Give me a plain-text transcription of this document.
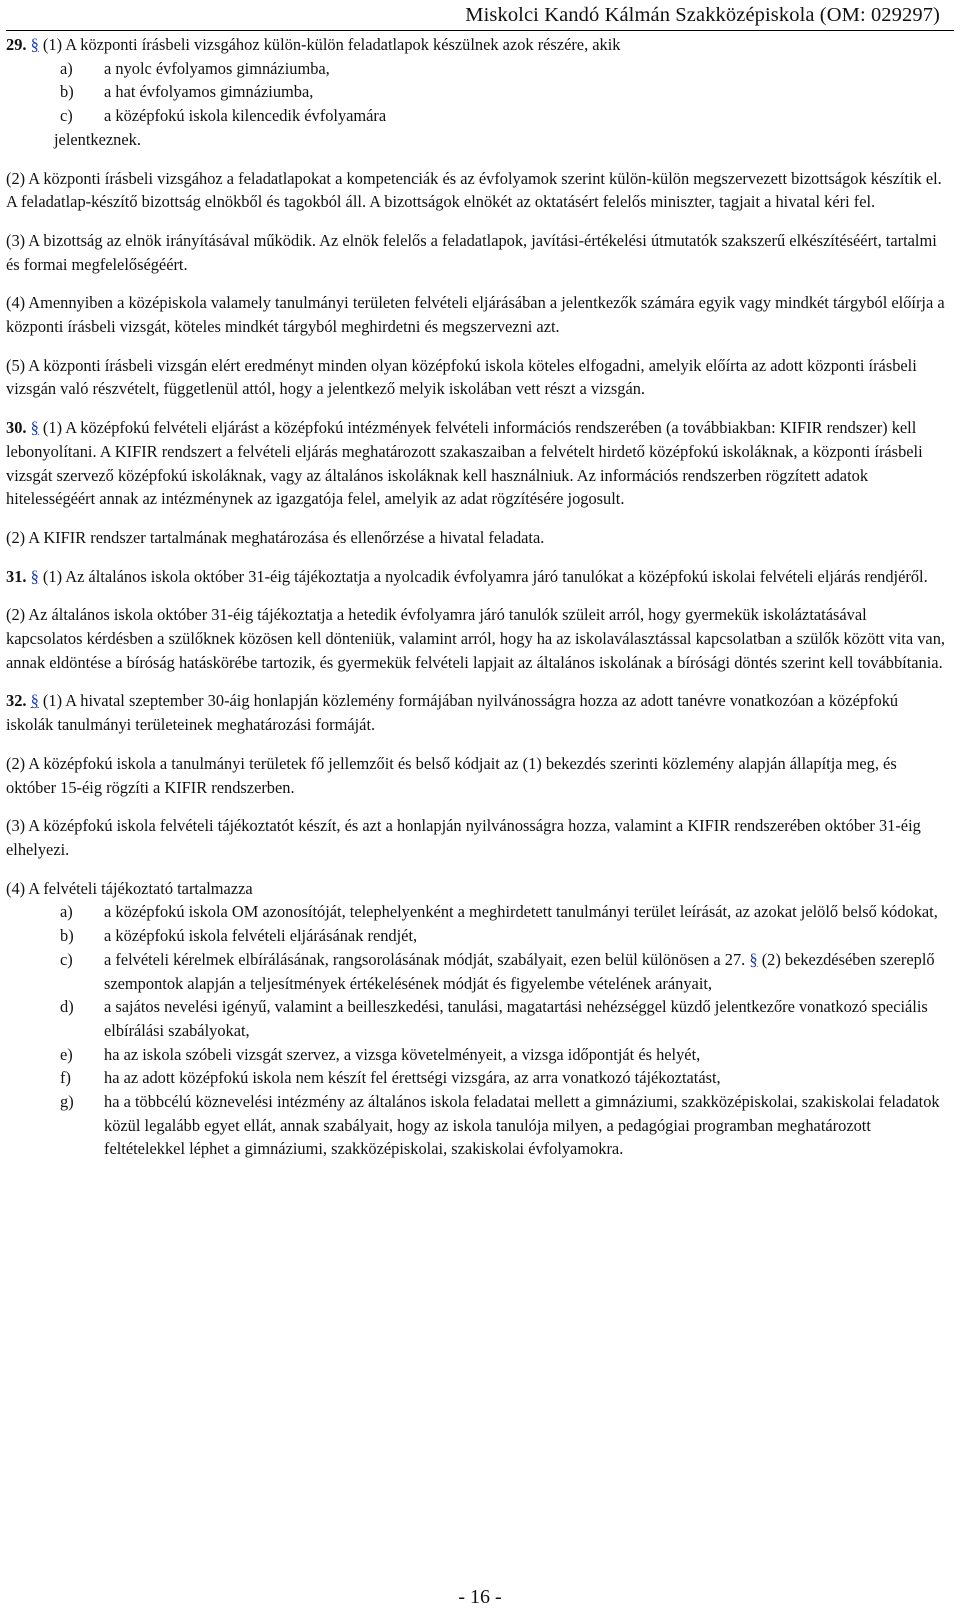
Miskolci Kandó Kálmán Szakközépiskola (OM: 029297)

29. § (1) A központi írásbeli vizsgához külön-külön feladatlapok készülnek azok részére, akik

a) a nyolc évfolyamos gimnáziumba,
b) a hat évfolyamos gimnáziumba,
c) a középfokú iskola kilencedik évfolyamára

jelentkeznek.

(2) A központi írásbeli vizsgához a feladatlapokat a kompetenciák és az évfolyamok szerint külön-külön megszervezett bizottságok készítik el. A feladatlap-készítő bizottság elnökből és tagokból áll. A bizottságok elnökét az oktatásért felelős miniszter, tagjait a hivatal kéri fel.

(3) A bizottság az elnök irányításával működik. Az elnök felelős a feladatlapok, javítási-értékelési útmutatók szakszerű elkészítéséért, tartalmi és formai megfelelőségéért.

(4) Amennyiben a középiskola valamely tanulmányi területen felvételi eljárásában a jelentkezők számára egyik vagy mindkét tárgyból előírja a központi írásbeli vizsgát, köteles mindkét tárgyból meghirdetni és megszervezni azt.

(5) A központi írásbeli vizsgán elért eredményt minden olyan középfokú iskola köteles elfogadni, amelyik előírta az adott központi írásbeli vizsgán való részvételt, függetlenül attól, hogy a jelentkező melyik iskolában vett részt a vizsgán.

30. § (1) A középfokú felvételi eljárást a középfokú intézmények felvételi információs rendszerében (a továbbiakban: KIFIR rendszer) kell lebonyolítani. A KIFIR rendszert a felvételi eljárás meghatározott szakaszaiban a felvételt hirdető középfokú iskoláknak, a központi írásbeli vizsgát szervező középfokú iskoláknak, vagy az általános iskoláknak kell használniuk. Az információs rendszerben rögzített adatok hitelességéért annak az intézménynek az igazgatója felel, amelyik az adat rögzítésére jogosult.

(2) A KIFIR rendszer tartalmának meghatározása és ellenőrzése a hivatal feladata.

31. § (1) Az általános iskola október 31-éig tájékoztatja a nyolcadik évfolyamra járó tanulókat a középfokú iskolai felvételi eljárás rendjéről.

(2) Az általános iskola október 31-éig tájékoztatja a hetedik évfolyamra járó tanulók szüleit arról, hogy gyermekük iskoláztatásával kapcsolatos kérdésben a szülőknek közösen kell dönteniük, valamint arról, hogy ha az iskolaválasztással kapcsolatban a szülők között vita van, annak eldöntése a bíróság hatáskörébe tartozik, és gyermekük felvételi lapjait az általános iskolának a bírósági döntés szerint kell továbbítania.

32. § (1) A hivatal szeptember 30-áig honlapján közlemény formájában nyilvánosságra hozza az adott tanévre vonatkozóan a középfokú iskolák tanulmányi területeinek meghatározási formáját.

(2) A középfokú iskola a tanulmányi területek fő jellemzőit és belső kódjait az (1) bekezdés szerinti közlemény alapján állapítja meg, és október 15-éig rögzíti a KIFIR rendszerben.

(3) A középfokú iskola felvételi tájékoztatót készít, és azt a honlapján nyilvánosságra hozza, valamint a KIFIR rendszerében október 31-éig elhelyezi.

(4) A felvételi tájékoztató tartalmazza

a) a középfokú iskola OM azonosítóját, telephelyenként a meghirdetett tanulmányi terület leírását, az azokat jelölő belső kódokat,
b) a középfokú iskola felvételi eljárásának rendjét,
c) a felvételi kérelmek elbírálásának, rangsorolásának módját, szabályait, ezen belül különösen a 27. § (2) bekezdésében szereplő szempontok alapján a teljesítmények értékelésének módját és figyelembe vételének arányait,
d) a sajátos nevelési igényű, valamint a beilleszkedési, tanulási, magatartási nehézséggel küzdő jelentkezőre vonatkozó speciális elbírálási szabályokat,
e) ha az iskola szóbeli vizsgát szervez, a vizsga követelményeit, a vizsga időpontját és helyét,
f) ha az adott középfokú iskola nem készít fel érettségi vizsgára, az arra vonatkozó tájékoztatást,
g) ha a többcélú köznevelési intézmény az általános iskola feladatai mellett a gimnáziumi, szakközépiskolai, szakiskolai feladatok közül legalább egyet ellát, annak szabályait, hogy az iskola tanulója milyen, a pedagógiai programban meghatározott feltételekkel léphet a gimnáziumi, szakközépiskolai, szakiskolai évfolyamokra.
- 16 -
